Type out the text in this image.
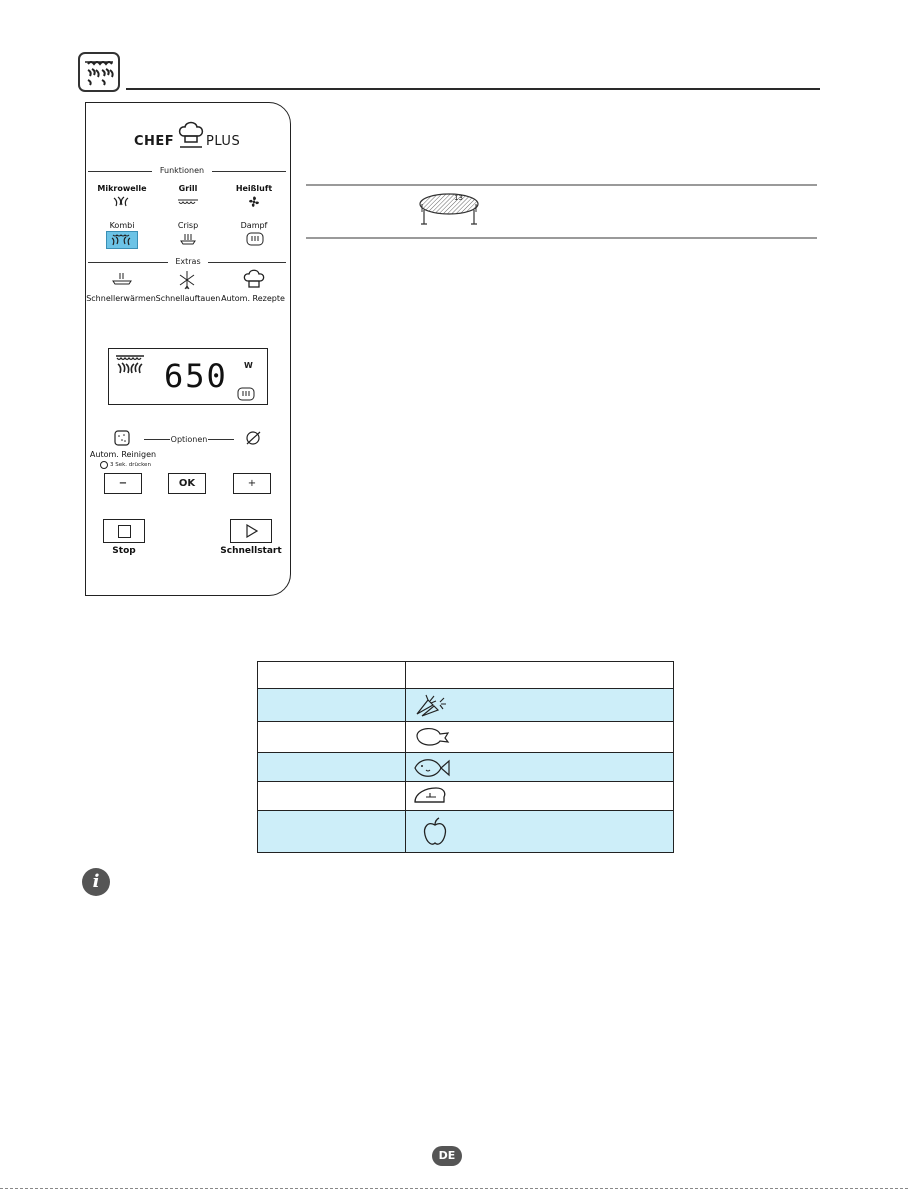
CHEF PLUS
Funktionen
Mikrowelle	Grill	Heißluft
Kombi	Crisp	Dampf
Extras
Schnellerwärmen Schnellauftauen Autom. Rezepte
650 W
Optionen
Autom. Reinigen
3 Sek. drücken
−	OK	+
Stop	Schnellstart
13
i
DE
